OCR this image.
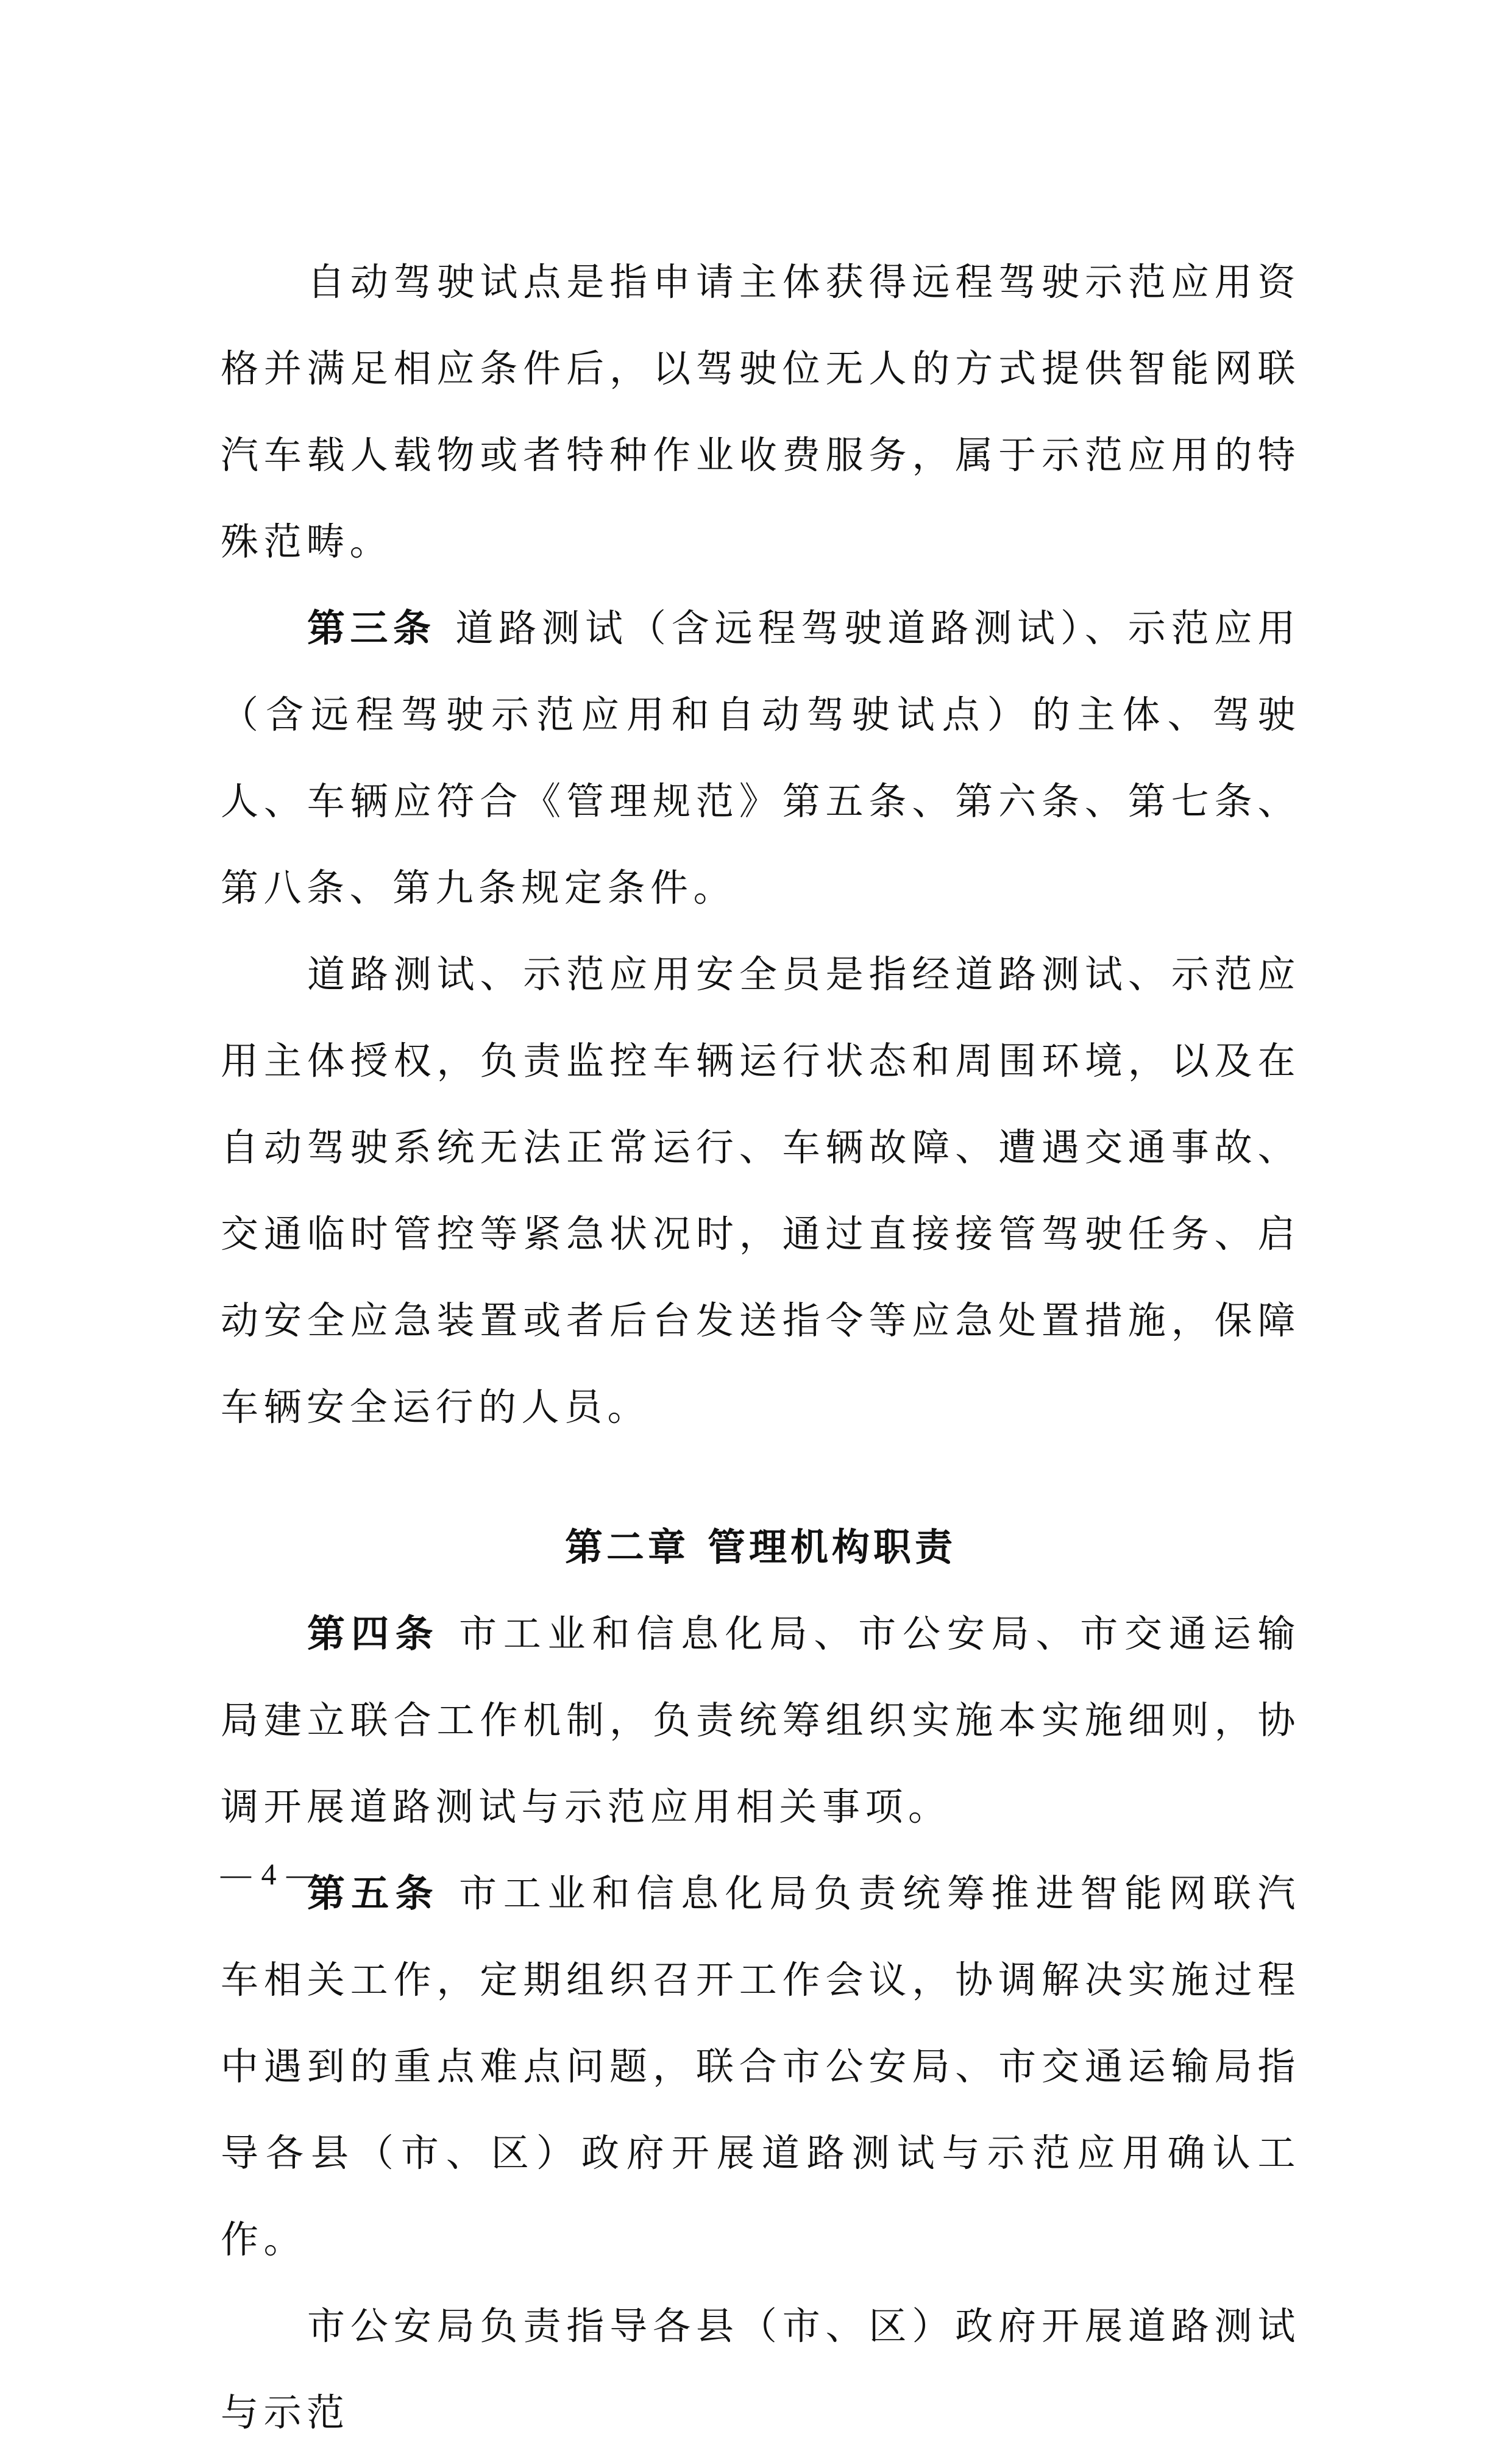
自动驾驶试点是指申请主体获得远程驾驶示范应用资格并满足相应条件后，以驾驶位无人的方式提供智能网联汽车载人载物或者特种作业收费服务，属于示范应用的特殊范畴。

第三条 道路测试（含远程驾驶道路测试）、示范应用（含远程驾驶示范应用和自动驾驶试点）的主体、驾驶人、车辆应符合《管理规范》第五条、第六条、第七条、第八条、第九条规定条件。

道路测试、示范应用安全员是指经道路测试、示范应用主体授权，负责监控车辆运行状态和周围环境，以及在自动驾驶系统无法正常运行、车辆故障、遭遇交通事故、交通临时管控等紧急状况时，通过直接接管驾驶任务、启动安全应急装置或者后台发送指令等应急处置措施，保障车辆安全运行的人员。

第二章 管理机构职责

第四条 市工业和信息化局、市公安局、市交通运输局建立联合工作机制，负责统筹组织实施本实施细则，协调开展道路测试与示范应用相关事项。

第五条 市工业和信息化局负责统筹推进智能网联汽车相关工作，定期组织召开工作会议，协调解决实施过程中遇到的重点难点问题，联合市公安局、市交通运输局指导各县（市、区）政府开展道路测试与示范应用确认工作。

市公安局负责指导各县（市、区）政府开展道路测试与示范

— 4 —
